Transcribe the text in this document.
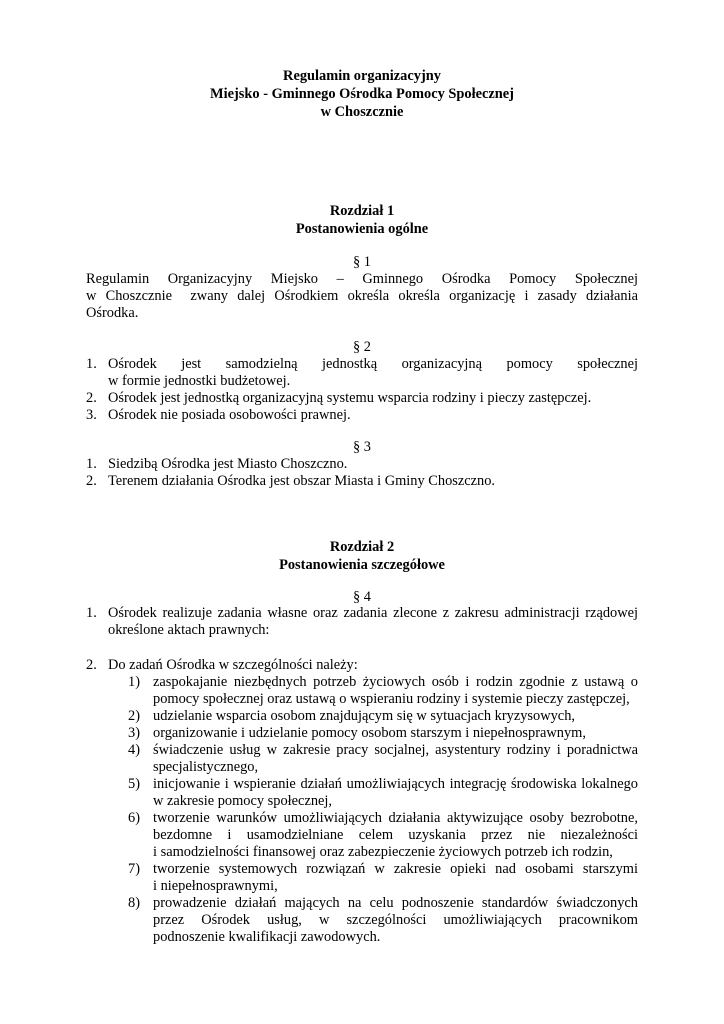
Regulamin organizacyjny
Miejsko - Gminnego Ośrodka Pomocy Społecznej
w Choszcznie
Rozdział 1
Postanowienia ogólne
§ 1
Regulamin Organizacyjny Miejsko – Gminnego Ośrodka Pomocy Społecznej
w Choszcznie  zwany dalej Ośrodkiem określa określa organizację i zasady działania
Ośrodka.
§ 2
1. Ośrodek jest samodzielną jednostką organizacyjną pomocy społecznej
w formie jednostki budżetowej.
2. Ośrodek jest jednostką organizacyjną systemu wsparcia rodziny i pieczy zastępczej.
3. Ośrodek nie posiada osobowości prawnej.
§ 3
1. Siedzibą Ośrodka jest Miasto Choszczno.
2. Terenem działania Ośrodka jest obszar Miasta i Gminy Choszczno.
Rozdział 2
Postanowienia szczegółowe
§ 4
1. Ośrodek realizuje zadania własne oraz zadania zlecone z zakresu administracji rządowej
określone aktach prawnych:
2. Do zadań Ośrodka w szczególności należy:
1) zaspokajanie niezbędnych potrzeb życiowych osób i rodzin zgodnie z ustawą o
pomocy społecznej oraz ustawą o wspieraniu rodziny i systemie pieczy zastępczej,
2) udzielanie wsparcia osobom znajdującym się w sytuacjach kryzysowych,
3) organizowanie i udzielanie pomocy osobom starszym i niepełnosprawnym,
4) świadczenie usług w zakresie pracy socjalnej, asystentury rodziny i poradnictwa
specjalistycznego,
5) inicjowanie i wspieranie działań umożliwiających integrację środowiska lokalnego
w zakresie pomocy społecznej,
6) tworzenie warunków umożliwiających działania aktywizujące osoby bezrobotne,
bezdomne i usamodzielniane celem uzyskania przez nie niezależności
i samodzielności finansowej oraz zabezpieczenie życiowych potrzeb ich rodzin,
7) tworzenie systemowych rozwiązań w zakresie opieki nad osobami starszymi
i niepełnosprawnymi,
8) prowadzenie działań mających na celu podnoszenie standardów świadczonych
przez Ośrodek usług, w szczególności umożliwiających pracownikom
podnoszenie kwalifikacji zawodowych.
